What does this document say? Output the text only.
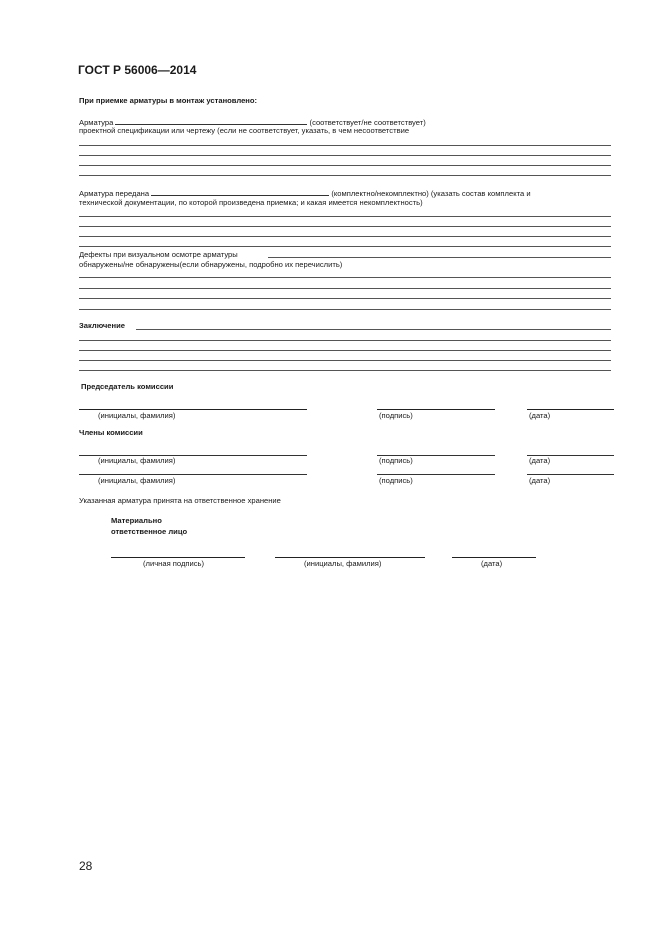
ГОСТ Р 56006—2014
При приемке арматуры в монтаж установлено:
Арматура	(соответствует/не соответствует)
проектной спецификации или чертежу (если не соответствует, указать, в чем несоответствие
Арматура передана	(комплектно/некомплектно) (указать состав комплекта и
технической документации, по которой произведена приемка; и какая имеется некомплектность)
Дефекты при визуальном осмотре арматуры
обнаружены/не обнаружены(если обнаружены, подробно их перечислить)
Заключение
Председатель комиссии
(инициалы, фамилия)	(подпись)	(дата)
Члены комиссии
(инициалы, фамилия)	(подпись)	(дата)
(инициалы, фамилия)	(подпись)	(дата)
Указанная арматура принята на ответственное хранение
Материально
ответственное лицо
(личная подпись)	(инициалы, фамилия)	(дата)
28
